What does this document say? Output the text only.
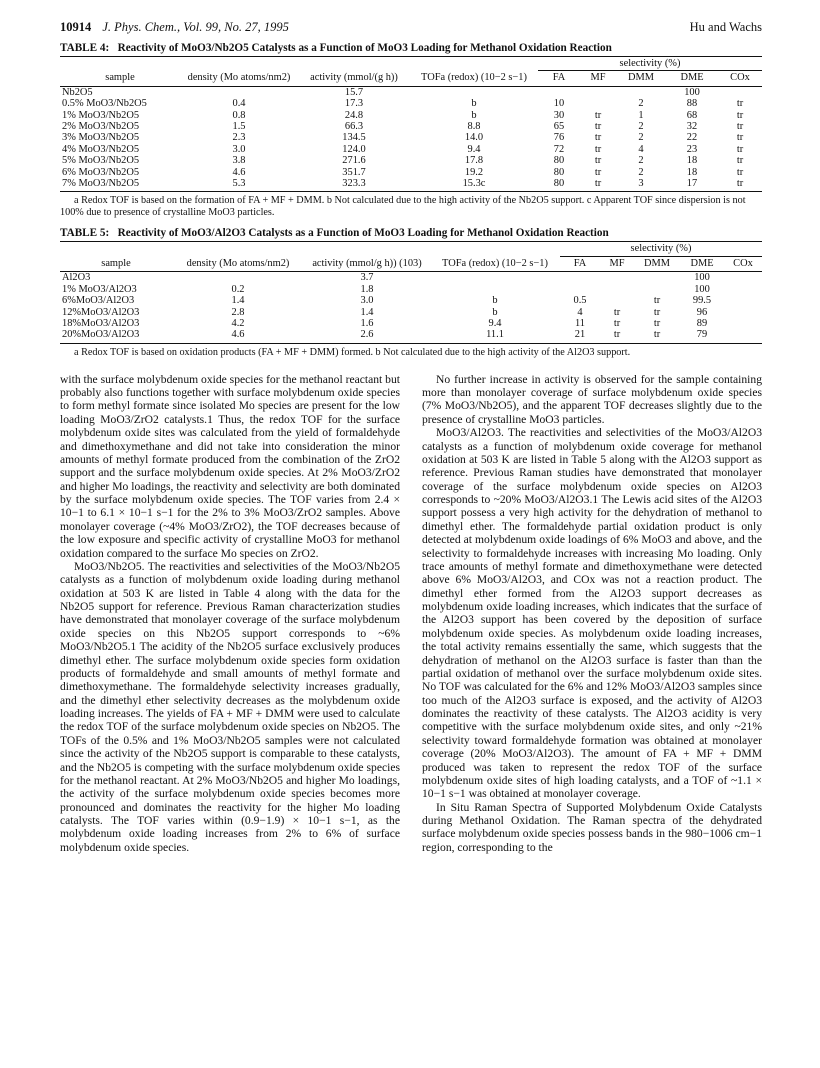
10914 J. Phys. Chem., Vol. 99, No. 27, 1995	Hu and Wachs
TABLE 4: Reactivity of MoO3/Nb2O5 Catalysts as a Function of MoO3 Loading for Methanol Oxidation Reaction
				selectivity (%)				
sample	density (Mo atoms/nm2)	activity (mmol/(g h))	TOFa (redox) (10−2 s−1)	FA	MF	DMM	DME	COx
Nb2O5		15.7					100	
0.5% MoO3/Nb2O5	0.4	17.3	b	10		2	88	tr
1% MoO3/Nb2O5	0.8	24.8	b	30	tr	1	68	tr
2% MoO3/Nb2O5	1.5	66.3	8.8	65	tr	2	32	tr
3% MoO3/Nb2O5	2.3	134.5	14.0	76	tr	2	22	tr
4% MoO3/Nb2O5	3.0	124.0	9.4	72	tr	4	23	tr
5% MoO3/Nb2O5	3.8	271.6	17.8	80	tr	2	18	tr
6% MoO3/Nb2O5	4.6	351.7	19.2	80	tr	2	18	tr
7% MoO3/Nb2O5	5.3	323.3	15.3c	80	tr	3	17	tr
a Redox TOF is based on the formation of FA + MF + DMM. b Not calculated due to the high activity of the Nb2O5 support. c Apparent TOF since dispersion is not 100% due to presence of crystalline MoO3 particles.
TABLE 5: Reactivity of MoO3/Al2O3 Catalysts as a Function of MoO3 Loading for Methanol Oxidation Reaction
				selectivity (%)				
sample	density (Mo atoms/nm2)	activity (mmol/g h)) (103)	TOFa (redox) (10−2 s−1)	FA	MF	DMM	DME	COx
Al2O3		3.7					100	
1% MoO3/Al2O3	0.2	1.8					100	
6%MoO3/Al2O3	1.4	3.0	b	0.5		tr	99.5	
12%MoO3/Al2O3	2.8	1.4	b	4	tr	tr	96	
18%MoO3/Al2O3	4.2	1.6	9.4	11	tr	tr	89	
20%MoO3/Al2O3	4.6	2.6	11.1	21	tr	tr	79	
a Redox TOF is based on oxidation products (FA + MF + DMM) formed. b Not calculated due to the high activity of the Al2O3 support.

with the surface molybdenum oxide species for the methanol reactant but probably also functions together with surface molybdenum oxide species to form methyl formate since isolated Mo species are present for the low loading MoO3/ZrO2 catalysts.1 Thus, the redox TOF for the surface molybdenum oxide sites was calculated from the yield of formaldehyde and dimethoxymethane and did not take into consideration the minor amounts of methyl formate produced from the combination of the ZrO2 support and the surface molybdenum oxide species. At 2% MoO3/ZrO2 and higher Mo loadings, the reactivity and selectivity are both dominated by the surface molybdenum oxide species. The TOF varies from 2.4 × 10−1 to 6.1 × 10−1 s−1 for the 2% to 3% MoO3/ZrO2 samples. Above monolayer coverage (~4% MoO3/ZrO2), the TOF decreases because of the low exposure and specific activity of crystalline MoO3 for methanol oxidation compared to the surface Mo species on ZrO2.

MoO3/Nb2O5. The reactivities and selectivities of the MoO3/Nb2O5 catalysts as a function of molybdenum oxide loading during methanol oxidation at 503 K are listed in Table 4 along with the data for the Nb2O5 support for reference. Previous Raman characterization studies have demonstrated that monolayer coverage of the surface molybdenum oxide species on this Nb2O5 support corresponds to ~6% MoO3/Nb2O5.1 The acidity of the Nb2O5 surface exclusively produces dimethyl ether. The surface molybdenum oxide species form oxidation products of formaldehyde and small amounts of methyl formate and dimethoxymethane. The formaldehyde selectivity increases gradually, and the dimethyl ether selectivity decreases as the molybdenum oxide loading increases. The yields of FA + MF + DMM were used to calculate the redox TOF of the surface molybdenum oxide species on Nb2O5. The TOFs of the 0.5% and 1% MoO3/Nb2O5 samples were not calculated since the activity of the Nb2O5 support is comparable to these catalysts, and the Nb2O5 is competing with the surface molybdenum oxide species for the methanol reactant. At 2% MoO3/Nb2O5 and higher Mo loadings, the activity of the surface molybdenum oxide species becomes more pronounced and dominates the reactivity for the higher Mo loading catalysts. The TOF varies within (0.9−1.9) × 10−1 s−1, as the molybdenum oxide loading increases from 2% to 6% of surface molybdenum oxide species.

No further increase in activity is observed for the sample containing more than monolayer coverage of surface molybdenum oxide species (7% MoO3/Nb2O5), and the apparent TOF decreases slightly due to the presence of crystalline MoO3 particles.

MoO3/Al2O3. The reactivities and selectivities of the MoO3/Al2O3 catalysts as a function of molybdenum oxide coverage for methanol oxidation at 503 K are listed in Table 5 along with the Al2O3 support as reference. Previous Raman studies have demonstrated that monolayer coverage of the surface molybdenum oxide species on Al2O3 corresponds to ~20% MoO3/Al2O3.1 The Lewis acid sites of the Al2O3 support possess a very high activity for the dehydration of methanol to dimethyl ether. The formaldehyde partial oxidation product is only detected at molybdenum oxide loadings of 6% MoO3 and above, and the selectivity to formaldehyde increases with increasing Mo loading. Only trace amounts of methyl formate and dimethoxymethane were detected above 6% MoO3/Al2O3, and COx was not a reaction product. The dimethyl ether formed from the Al2O3 support decreases as molybdenum oxide loading increases, which indicates that the surface of the Al2O3 support has been covered by the deposition of surface molybdenum oxide species. As molybdenum oxide loading increases, the total activity remains essentially the same, which suggests that the dehydration of methanol on the Al2O3 surface is faster than than the partial oxidation of methanol over the surface molybdenum oxide sites. No TOF was calculated for the 6% and 12% MoO3/Al2O3 samples since too much of the Al2O3 surface is exposed, and the activity of Al2O3 dominates the reactivity of these catalysts. The Al2O3 acidity is very competitive with the surface molybdenum oxide sites, and only ~21% selectivity toward formaldehyde formation was obtained at monolayer coverage (20% MoO3/Al2O3). The amount of FA + MF + DMM produced was taken to represent the redox TOF of the surface molybdenum oxide sites of high loading catalysts, and a TOF of ~1.1 × 10−1 s−1 was obtained at monolayer coverage.

In Situ Raman Spectra of Supported Molybdenum Oxide Catalysts during Methanol Oxidation. The Raman spectra of the dehydrated surface molybdenum oxide species possess bands in the 980−1006 cm−1 region, corresponding to the
